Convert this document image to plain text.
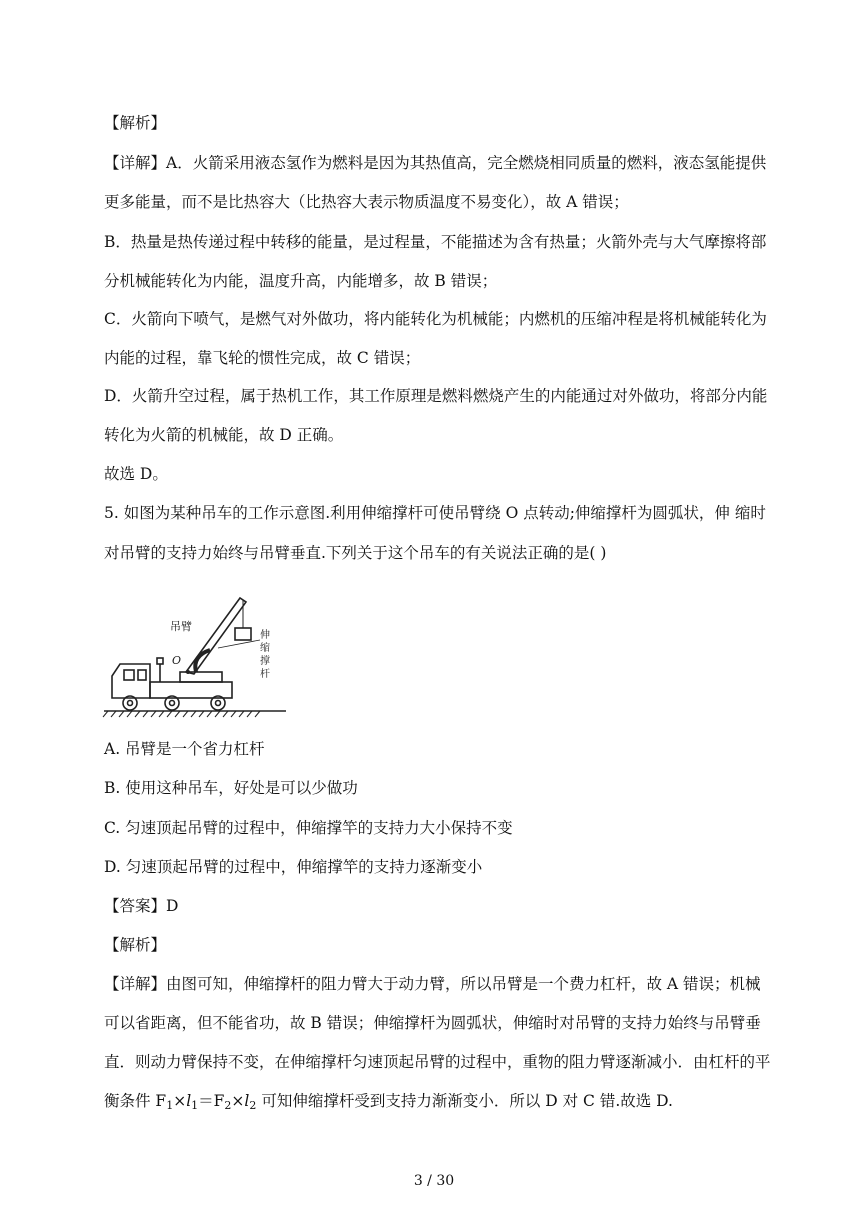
【解析】
【详解】A．火箭采用液态氢作为燃料是因为其热值高，完全燃烧相同质量的燃料，液态氢能提供
更多能量，而不是比热容大（比热容大表示物质温度不易变化），故 A 错误；
B．热量是热传递过程中转移的能量，是过程量，不能描述为含有热量；火箭外壳与大气摩擦将部
分机械能转化为内能，温度升高，内能增多，故 B 错误；
C．火箭向下喷气，是燃气对外做功，将内能转化为机械能；内燃机的压缩冲程是将机械能转化为
内能的过程，靠飞轮的惯性完成，故 C 错误；
D．火箭升空过程，属于热机工作，其工作原理是燃料燃烧产生的内能通过对外做功，将部分内能
转化为火箭的机械能，故 D 正确。
故选 D。
5. 如图为某种吊车的工作示意图.利用伸缩撑杆可使吊臂绕 O 点转动;伸缩撑杆为圆弧状，伸 缩时
对吊臂的支持力始终与吊臂垂直.下列关于这个吊车的有关说法正确的是( )
吊臂
O
伸 缩 撑 杆
A. 吊臂是一个省力杠杆
B. 使用这种吊车，好处是可以少做功
C. 匀速顶起吊臂的过程中，伸缩撑竿的支持力大小保持不变
D. 匀速顶起吊臂的过程中，伸缩撑竿的支持力逐渐变小
【答案】D
【解析】
【详解】由图可知，伸缩撑杆的阻力臂大于动力臂，所以吊臂是一个费力杠杆，故 A 错误；机械
可以省距离，但不能省功，故 B 错误；伸缩撑杆为圆弧状，伸缩时对吊臂的支持力始终与吊臂垂
直．则动力臂保持不变，在伸缩撑杆匀速顶起吊臂的过程中，重物的阻力臂逐渐减小．由杠杆的平
衡条件 $F_1\times l_1=F_2\times l_2$ 可知伸缩撑杆受到支持力渐渐变小．所以 D 对 C 错.故选 D.
3 / 30
